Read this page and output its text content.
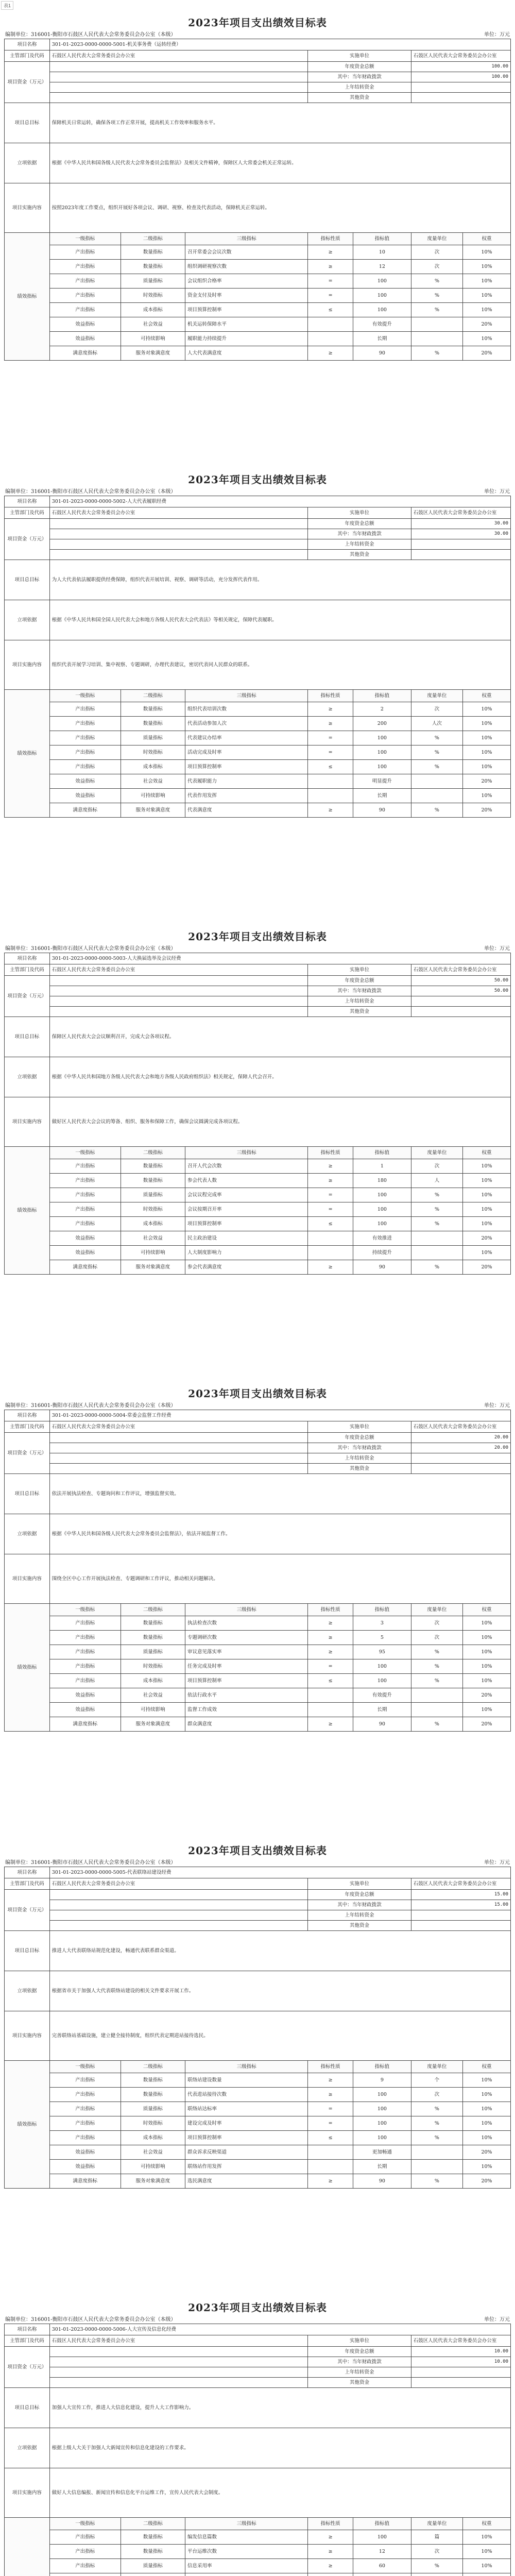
表1
2023年项目支出绩效目标表
编制单位：316001-衡阳市石鼓区人民代表大会常务委员会办公室（本级）	单位：万元
项目名称	301-01-2023-0000-0000-5001-机关事务费（运转经费）						
主管部门及代码	石鼓区人民代表大会常务委员会办公室			实施单位		石鼓区人民代表大会常务委员会办公室	
项目资金（万元）				年度资金总额		100.00	
				其中：当年财政拨款		100.00	
				上年结转资金			
				其他资金			
项目总目标	保障机关日常运转，确保各项工作正常开展，提高机关工作效率和服务水平。						
立项依据	根据《中华人民共和国各级人民代表大会常务委员会监督法》及相关文件精神，保障区人大常委会机关正常运转。						
项目实施内容	按照2023年度工作要点，组织开展好各项会议、调研、视察、检查及代表活动，保障机关正常运转。						
绩效指标	一级指标	二级指标	三级指标	指标性质	指标值	度量单位	权重
	产出指标	数量指标	召开常委会会议次数	≥	10	次	10%
	产出指标	数量指标	组织调研视察次数	≥	12	次	10%
	产出指标	质量指标	会议组织合格率	=	100	%	10%
	产出指标	时效指标	资金支付及时率	=	100	%	10%
	产出指标	成本指标	项目预算控制率	≤	100	%	10%
	效益指标	社会效益	机关运转保障水平		有效提升		20%
	效益指标	可持续影响	履职能力持续提升		长期		10%
	满意度指标	服务对象满意度	人大代表满意度	≥	90	%	20%
2023年项目支出绩效目标表
编制单位：316001-衡阳市石鼓区人民代表大会常务委员会办公室（本级）	单位：万元
项目名称	301-01-2023-0000-0000-5002-人大代表履职经费						
主管部门及代码	石鼓区人民代表大会常务委员会办公室			实施单位		石鼓区人民代表大会常务委员会办公室	
项目资金（万元）				年度资金总额		30.00	
				其中：当年财政拨款		30.00	
				上年结转资金			
				其他资金			
项目总目标	为人大代表依法履职提供经费保障，组织代表开展培训、视察、调研等活动，充分发挥代表作用。						
立项依据	根据《中华人民共和国全国人民代表大会和地方各级人民代表大会代表法》等相关规定，保障代表履职。						
项目实施内容	组织代表开展学习培训、集中视察、专题调研，办理代表建议，密切代表同人民群众的联系。						
绩效指标	一级指标	二级指标	三级指标	指标性质	指标值	度量单位	权重
	产出指标	数量指标	组织代表培训次数	≥	2	次	10%
	产出指标	数量指标	代表活动参加人次	≥	200	人次	10%
	产出指标	质量指标	代表建议办结率	=	100	%	10%
	产出指标	时效指标	活动完成及时率	=	100	%	10%
	产出指标	成本指标	项目预算控制率	≤	100	%	10%
	效益指标	社会效益	代表履职能力		明显提升		20%
	效益指标	可持续影响	代表作用发挥		长期		10%
	满意度指标	服务对象满意度	代表满意度	≥	90	%	20%
2023年项目支出绩效目标表
编制单位：316001-衡阳市石鼓区人民代表大会常务委员会办公室（本级）	单位：万元
项目名称	301-01-2023-0000-0000-5003-人大换届选举及会议经费						
主管部门及代码	石鼓区人民代表大会常务委员会办公室			实施单位		石鼓区人民代表大会常务委员会办公室	
项目资金（万元）				年度资金总额		50.00	
				其中：当年财政拨款		50.00	
				上年结转资金			
				其他资金			
项目总目标	保障区人民代表大会会议顺利召开，完成大会各项议程。						
立项依据	根据《中华人民共和国地方各级人民代表大会和地方各级人民政府组织法》相关规定，保障人代会召开。						
项目实施内容	做好区人民代表大会会议的筹备、组织、服务和保障工作，确保会议圆满完成各项议程。						
绩效指标	一级指标	二级指标	三级指标	指标性质	指标值	度量单位	权重
	产出指标	数量指标	召开人代会次数	≥	1	次	10%
	产出指标	数量指标	参会代表人数	≥	180	人	10%
	产出指标	质量指标	会议议程完成率	=	100	%	10%
	产出指标	时效指标	会议按期召开率	=	100	%	10%
	产出指标	成本指标	项目预算控制率	≤	100	%	10%
	效益指标	社会效益	民主政治建设		有效推进		20%
	效益指标	可持续影响	人大制度影响力		持续提升		10%
	满意度指标	服务对象满意度	参会代表满意度	≥	90	%	20%
2023年项目支出绩效目标表
编制单位：316001-衡阳市石鼓区人民代表大会常务委员会办公室（本级）	单位：万元
项目名称	301-01-2023-0000-0000-5004-常委会监督工作经费						
主管部门及代码	石鼓区人民代表大会常务委员会办公室			实施单位		石鼓区人民代表大会常务委员会办公室	
项目资金（万元）				年度资金总额		20.00	
				其中：当年财政拨款		20.00	
				上年结转资金			
				其他资金			
项目总目标	依法开展执法检查、专题询问和工作评议，增强监督实效。						
立项依据	根据《中华人民共和国各级人民代表大会常务委员会监督法》，依法开展监督工作。						
项目实施内容	围绕全区中心工作开展执法检查、专题调研和工作评议，推动相关问题解决。						
绩效指标	一级指标	二级指标	三级指标	指标性质	指标值	度量单位	权重
	产出指标	数量指标	执法检查次数	≥	3	次	10%
	产出指标	数量指标	专题调研次数	≥	5	次	10%
	产出指标	质量指标	审议意见落实率	≥	95	%	10%
	产出指标	时效指标	任务完成及时率	=	100	%	10%
	产出指标	成本指标	项目预算控制率	≤	100	%	10%
	效益指标	社会效益	依法行政水平		有效提升		20%
	效益指标	可持续影响	监督工作成效		长期		10%
	满意度指标	服务对象满意度	群众满意度	≥	90	%	20%
2023年项目支出绩效目标表
编制单位：316001-衡阳市石鼓区人民代表大会常务委员会办公室（本级）	单位：万元
项目名称	301-01-2023-0000-0000-5005-代表联络站建设经费						
主管部门及代码	石鼓区人民代表大会常务委员会办公室			实施单位		石鼓区人民代表大会常务委员会办公室	
项目资金（万元）				年度资金总额		15.00	
				其中：当年财政拨款		15.00	
				上年结转资金			
				其他资金			
项目总目标	推进人大代表联络站规范化建设，畅通代表联系群众渠道。						
立项依据	根据省市关于加强人大代表联络站建设的相关文件要求开展工作。						
项目实施内容	完善联络站基础设施，建立健全接待制度，组织代表定期进站接待选民。						
绩效指标	一级指标	二级指标	三级指标	指标性质	指标值	度量单位	权重
	产出指标	数量指标	联络站建设数量	≥	9	个	10%
	产出指标	数量指标	代表进站接待次数	≥	100	次	10%
	产出指标	质量指标	联络站达标率	=	100	%	10%
	产出指标	时效指标	建设完成及时率	=	100	%	10%
	产出指标	成本指标	项目预算控制率	≤	100	%	10%
	效益指标	社会效益	群众诉求反映渠道		更加畅通		20%
	效益指标	可持续影响	联络站作用发挥		长期		10%
	满意度指标	服务对象满意度	选民满意度	≥	90	%	20%
2023年项目支出绩效目标表
编制单位：316001-衡阳市石鼓区人民代表大会常务委员会办公室（本级）	单位：万元
项目名称	301-01-2023-0000-0000-5006-人大宣传及信息化经费						
主管部门及代码	石鼓区人民代表大会常务委员会办公室			实施单位		石鼓区人民代表大会常务委员会办公室	
项目资金（万元）				年度资金总额		10.00	
				其中：当年财政拨款		10.00	
				上年结转资金			
				其他资金			
项目总目标	加强人大宣传工作，推进人大信息化建设，提升人大工作影响力。						
立项依据	根据上级人大关于加强人大新闻宣传和信息化建设的工作要求。						
项目实施内容	做好人大信息编报、新闻宣传和信息化平台运维工作，宣传人民代表大会制度。						
	一级指标	二级指标	三级指标	指标性质	指标值	度量单位	权重
	产出指标	数量指标	编发信息篇数	≥	100	篇	10%
	产出指标	数量指标	平台运维次数	≥	12	次	10%
	产出指标	质量指标	信息采用率	≥	60	%	10%
